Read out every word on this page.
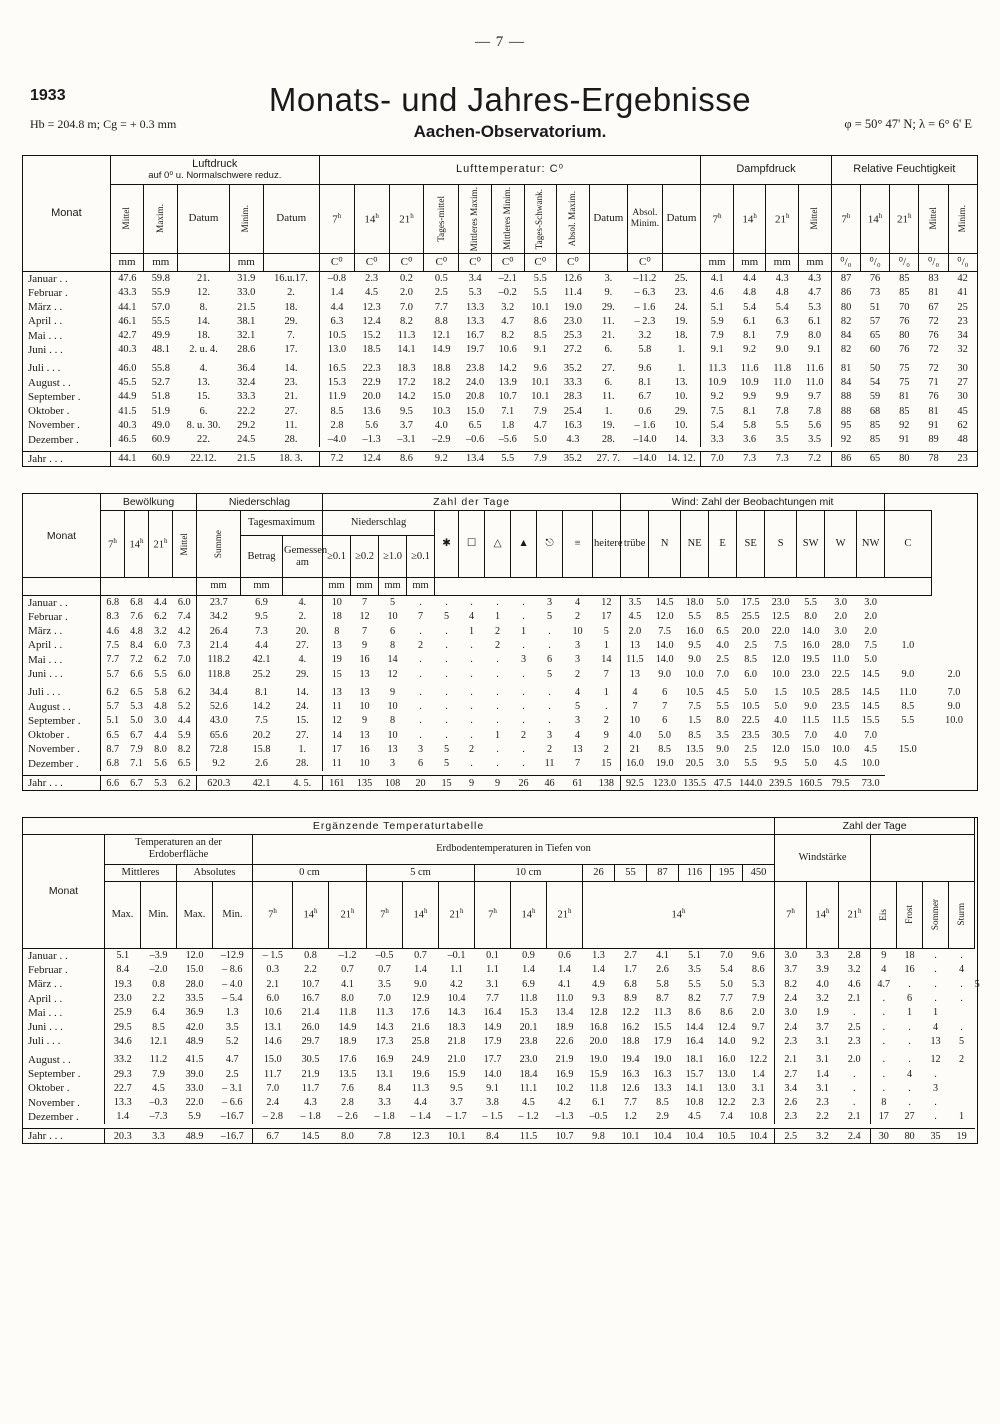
— 7 —
1933	Monats- und Jahres-Ergebnisse
Aachen-Observatorium.
Hb = 204.8 m; Cg = + 0.3 mm	φ = 50° 47' N; λ = 6° 6' E
Monat	Luftdruck
auf 0⁰ u. Normalschwere reduz.					Lufttemperatur: C⁰											Dampfdruck				Relative Feuchtigkeit				

	Mittel	Maxim.	Datum	Minim.	Datum	7$^h$	14$^h$	21$^h$	Tages-mittel	Mittleres Maxim.	Mittleres Minim.	Tages-Schwank.	Absol. Maxim.	Datum	Absol.
Minim.	Datum	7$^h$	14$^h$	21$^h$	Mittel	7$^h$	14$^h$	21$^h$	Mittel	Minim.

	mm	mm		mm		C⁰	C⁰	C⁰	C⁰	C⁰	C⁰	C⁰	C⁰		C⁰		mm	mm	mm	mm	⁰/₀	⁰/₀	⁰/₀	⁰/₀	⁰/₀
Januar . .	47.6	59.8	21.	31.9	16.u.17.	–0.8	2.3	0.2	0.5	3.4	–2.1	5.5	12.6	3.	–11.2	25.	4.1	4.4	4.3	4.3	87	76	85	83	42
Februar .	43.3	55.9	12.	33.0	2.	1.4	4.5	2.0	2.5	5.3	–0.2	5.5	11.4	9.	– 6.3	23.	4.6	4.8	4.8	4.7	86	73	85	81	41
März . .	44.1	57.0	8.	21.5	18.	4.4	12.3	7.0	7.7	13.3	3.2	10.1	19.0	29.	– 1.6	24.	5.1	5.4	5.4	5.3	80	51	70	67	25
April . .	46.1	55.5	14.	38.1	29.	6.3	12.4	8.2	8.8	13.3	4.7	8.6	23.0	11.	– 2.3	19.	5.9	6.1	6.3	6.1	82	57	76	72	23
Mai . . .	42.7	49.9	18.	32.1	7.	10.5	15.2	11.3	12.1	16.7	8.2	8.5	25.3	21.	3.2	18.	7.9	8.1	7.9	8.0	84	65	80	76	34
Juni . . .	40.3	48.1	2. u. 4.	28.6	17.	13.0	18.5	14.1	14.9	19.7	10.6	9.1	27.2	6.	5.8	1.	9.1	9.2	9.0	9.1	82	60	76	72	32
Juli . . .	46.0	55.8	4.	36.4	14.	16.5	22.3	18.3	18.8	23.8	14.2	9.6	35.2	27.	9.6	1.	11.3	11.6	11.8	11.6	81	50	75	72	30
August . .	45.5	52.7	13.	32.4	23.	15.3	22.9	17.2	18.2	24.0	13.9	10.1	33.3	6.	8.1	13.	10.9	10.9	11.0	11.0	84	54	75	71	27
September .	44.9	51.8	15.	33.3	21.	11.9	20.0	14.2	15.0	20.8	10.7	10.1	28.3	11.	6.7	10.	9.2	9.9	9.9	9.7	88	59	81	76	30
Oktober .	41.5	51.9	6.	22.2	27.	8.5	13.6	9.5	10.3	15.0	7.1	7.9	25.4	1.	0.6	29.	7.5	8.1	7.8	7.8	88	68	85	81	45
November .	40.3	49.0	8. u. 30.	29.2	11.	2.8	5.6	3.7	4.0	6.5	1.8	4.7	16.3	19.	– 1.6	10.	5.4	5.8	5.5	5.6	95	85	92	91	62
Dezember .	46.5	60.9	22.	24.5	28.	–4.0	–1.3	–3.1	–2.9	–0.6	–5.6	5.0	4.3	28.	–14.0	14.	3.3	3.6	3.5	3.5	92	85	91	89	48

Jahr . . .	44.1	60.9	22.12.	21.5	18. 3.	7.2	12.4	8.6	9.2	13.4	5.5	7.9	35.2	27. 7.	–14.0	14. 12.	7.0	7.3	7.3	7.2	86	65	80	78	23
Monat	Bewölkung				Niederschlag			Zahl der Tage											Wind: Zahl der Beobachtungen mit										
	7$^h$	14$^h$	21$^h$	Mittel	Summe	Tagesmaximum		Niederschlag				✱	☐	△	▲	⎋	≡	heitere	trübe	N	NE	E	SE	S	SW	W	NW	C	
						Betrag	Gemessen am	≥0.1	≥0.2	≥1.0	≥0.1																		
					mm	mm		mm	mm	mm	mm																		
Januar . .	6.8	6.8	4.4	6.0	23.7	6.9	4.	10	7	5	.	.	.	.	.	3	4	12	3.5	14.5	18.0	5.0	17.5	23.0	5.5	3.0	3.0		
Februar .	8.3	7.6	6.2	7.4	34.2	9.5	2.	18	12	10	7	5	4	1	.	5	2	17	4.5	12.0	5.5	8.5	25.5	12.5	8.0	2.0	2.0		
März . .	4.6	4.8	3.2	4.2	26.4	7.3	20.	8	7	6	.	.	1	2	1	.	10	5	2.0	7.5	16.0	6.5	20.0	22.0	14.0	3.0	2.0		
April . .	7.5	8.4	6.0	7.3	21.4	4.4	27.	13	9	8	2	.	.	2	.	.	3	1	13	14.0	9.5	4.0	2.5	7.5	16.0	28.0	7.5	1.0	
Mai . . .	7.7	7.2	6.2	7.0	118.2	42.1	4.	19	16	14	.	.	.	.	3	6	3	14	11.5	14.0	9.0	2.5	8.5	12.0	19.5	11.0	5.0		
Juni . . .	5.7	6.6	5.5	6.0	118.8	25.2	29.	15	13	12	.	.	.	.	.	5	2	7	13	9.0	10.0	7.0	6.0	10.0	23.0	22.5	14.5	9.0	2.0
Juli . . .	6.2	6.5	5.8	6.2	34.4	8.1	14.	13	13	9	.	.	.	.	.	.	4	1	4	6	10.5	4.5	5.0	1.5	10.5	28.5	14.5	11.0	7.0
August . .	5.7	5.3	4.8	5.2	52.6	14.2	24.	11	10	10	.	.	.	.	.	.	5	.	7	7	7.5	5.5	10.5	5.0	9.0	23.5	14.5	8.5	9.0
September .	5.1	5.0	3.0	4.4	43.0	7.5	15.	12	9	8	.	.	.	.	.	.	3	2	10	6	1.5	8.0	22.5	4.0	11.5	11.5	15.5	5.5	10.0
Oktober .	6.5	6.7	4.4	5.9	65.6	20.2	27.	14	13	10	.	.	.	1	2	3	4	9	4.0	5.0	8.5	3.5	23.5	30.5	7.0	4.0	7.0		
November .	8.7	7.9	8.0	8.2	72.8	15.8	1.	17	16	13	3	5	2	.	.	2	13	2	21	8.5	13.5	9.0	2.5	12.0	15.0	10.0	4.5	15.0	
Dezember .	6.8	7.1	5.6	6.5	9.2	2.6	28.	11	10	3	6	5	.	.	.	11	7	15	16.0	19.0	20.5	3.0	5.5	9.5	5.0	4.5	10.0		

Jahr . . .	6.6	6.7	5.3	6.2	620.3	42.1	4. 5.	161	135	108	20	15	9	9	26	46	61	138	92.5	123.0	135.5	47.5	144.0	239.5	160.5	79.5	73.0		
Ergänzende Temperaturtabelle																				Zahl der Tage							
Monat	Temperaturen an der Erdoberfläche				Erdbodentemperaturen in Tiefen von															Windstärke							
	Mittleres		Absolutes		0 cm			5 cm			10 cm			26	55	87	116	195	450								
	Max.	Min.	Max.	Min.	7$^h$	14$^h$	21$^h$	7$^h$	14$^h$	21$^h$	7$^h$	14$^h$	21$^h$	14$^h$						7$^h$	14$^h$	21$^h$	Eis	Frost	Sommer	Sturm	

Januar . .	5.1	–3.9	12.0	–12.9	– 1.5	0.8	–1.2	–0.5	0.7	–0.1	0.1	0.9	0.6	1.3	2.7	4.1	5.1	7.0	9.6	3.0	3.3	2.8	9	18	.	.	
Februar .	8.4	–2.0	15.0	– 8.6	0.3	2.2	0.7	0.7	1.4	1.1	1.1	1.4	1.4	1.4	1.7	2.6	3.5	5.4	8.6	3.7	3.9	3.2	4	16	.	4	
März . .	19.3	0.8	28.0	– 4.0	2.1	10.7	4.1	3.5	9.0	4.2	3.1	6.9	4.1	4.9	6.8	5.8	5.5	5.0	5.3	8.2	4.0	4.6	4.7	.	.	.	5
April . .	23.0	2.2	33.5	– 5.4	6.0	16.7	8.0	7.0	12.9	10.4	7.7	11.8	11.0	9.3	8.9	8.7	8.2	7.7	7.9	2.4	3.2	2.1	.	6	.	.	
Mai . . .	25.9	6.4	36.9	1.3	10.6	21.4	11.8	11.3	17.6	14.3	16.4	15.3	13.4	12.8	12.2	11.3	8.6	8.6	2.0	3.0	1.9	.	.	1	1		
Juni . . .	29.5	8.5	42.0	3.5	13.1	26.0	14.9	14.3	21.6	18.3	14.9	20.1	18.9	16.8	16.2	15.5	14.4	12.4	9.7	2.4	3.7	2.5	.	.	4	.	
Juli . . .	34.6	12.1	48.9	5.2	14.6	29.7	18.9	17.3	25.8	21.8	17.9	23.8	22.6	20.0	18.8	17.9	16.4	14.0	9.2	2.3	3.1	2.3	.	.	13	5	
August . .	33.2	11.2	41.5	4.7	15.0	30.5	17.6	16.9	24.9	21.0	17.7	23.0	21.9	19.0	19.4	19.0	18.1	16.0	12.2	2.1	3.1	2.0	.	.	12	2	
September .	29.3	7.9	39.0	2.5	11.7	21.9	13.5	13.1	19.6	15.9	14.0	18.4	16.9	15.9	16.3	16.3	15.7	13.0	1.4	2.7	1.4	.	.	4	.		
Oktober .	22.7	4.5	33.0	– 3.1	7.0	11.7	7.6	8.4	11.3	9.5	9.1	11.1	10.2	11.8	12.6	13.3	14.1	13.0	3.1	3.4	3.1	.	.	.	3		
November .	13.3	–0.3	22.0	– 6.6	2.4	4.3	2.8	3.3	4.4	3.7	3.8	4.5	4.2	6.1	7.7	8.5	10.8	12.2	2.3	2.6	2.3	.	8	.	.		
Dezember .	1.4	–7.3	5.9	–16.7	– 2.8	– 1.8	– 2.6	– 1.8	– 1.4	– 1.7	– 1.5	– 1.2	–1.3	–0.5	1.2	2.9	4.5	7.4	10.8	2.3	2.2	2.1	17	27	.	1	

Jahr . . .	20.3	3.3	48.9	–16.7	6.7	14.5	8.0	7.8	12.3	10.1	8.4	11.5	10.7	9.8	10.1	10.4	10.4	10.5	10.4	2.5	3.2	2.4	30	80	35	19	
